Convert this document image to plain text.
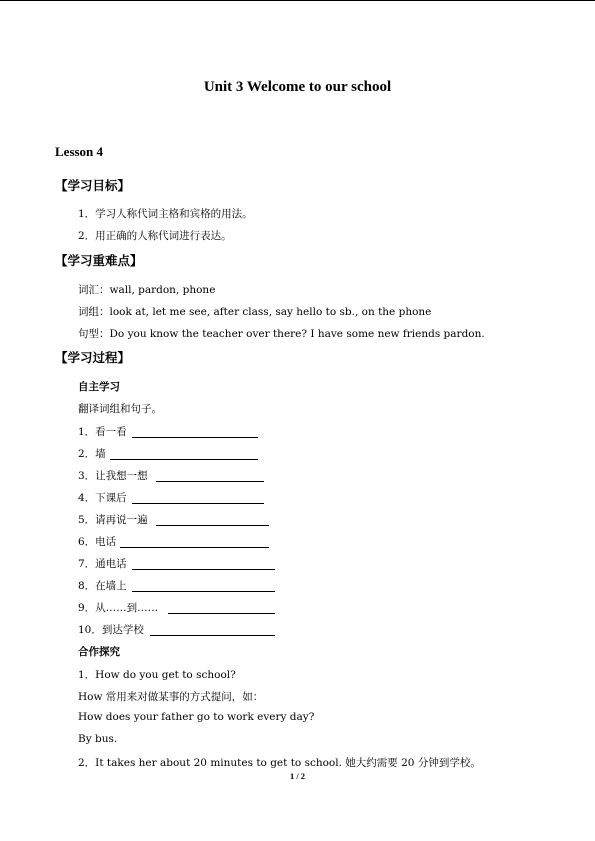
Unit 3 Welcome to our school
Lesson 4
【学习目标】
1．学习人称代词主格和宾格的用法。
2．用正确的人称代词进行表达。
【学习重难点】
词汇：wall, pardon, phone
词组：look at, let me see, after class, say hello to sb., on the phone
句型：Do you know the teacher over there? I have some new friends pardon.
【学习过程】
自主学习
翻译词组和句子。
1．看一看
2．墙
3．让我想一想
4．下课后
5．请再说一遍
6．电话
7．通电话
8．在墙上
9．从……到……
10．到达学校
合作探究
1．How do you get to school?
How 常用来对做某事的方式提问，如：
How does your father go to work every day?
By bus.
2．It takes her about 20 minutes to get to school. 她大约需要 20 分钟到学校。
1 / 2
